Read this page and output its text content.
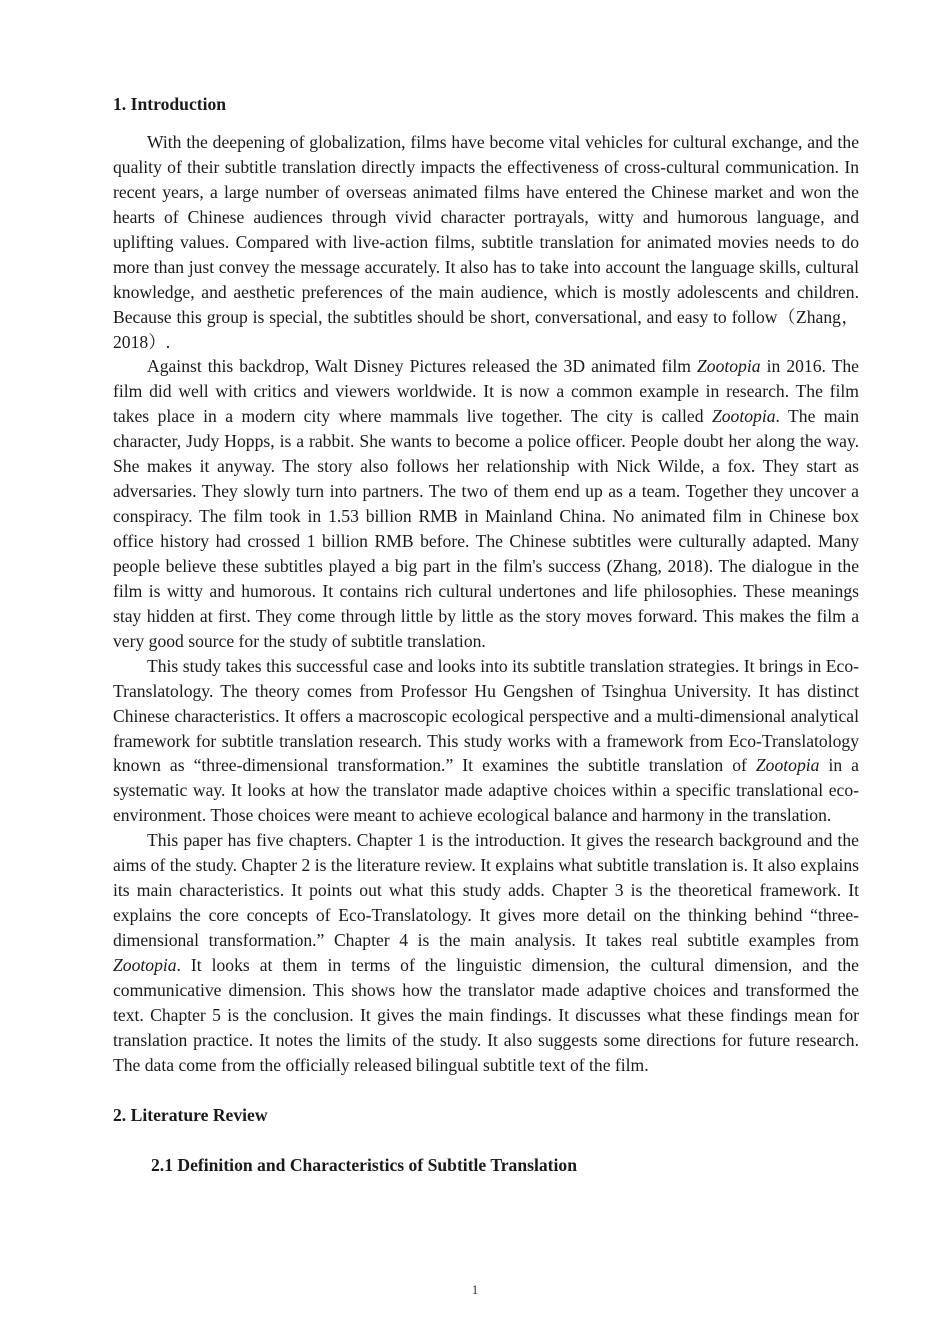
1. Introduction

With the deepening of globalization, films have become vital vehicles for cultural exchange, and the quality of their subtitle translation directly impacts the effectiveness of cross-cultural communication. In recent years, a large number of overseas animated films have entered the Chinese market and won the hearts of Chinese audiences through vivid character portrayals, witty and humorous language, and uplifting values. Compared with live-action films, subtitle translation for animated movies needs to do more than just convey the message accurately. It also has to take into account the language skills, cultural knowledge, and aesthetic preferences of the main audience, which is mostly adolescents and children. Because this group is special, the subtitles should be short, conversational, and easy to follow（Zhang，2018）.

Against this backdrop, Walt Disney Pictures released the 3D animated film Zootopia in 2016. The film did well with critics and viewers worldwide. It is now a common example in research. The film takes place in a modern city where mammals live together. The city is called Zootopia. The main character, Judy Hopps, is a rabbit. She wants to become a police officer. People doubt her along the way. She makes it anyway. The story also follows her relationship with Nick Wilde, a fox. They start as adversaries. They slowly turn into partners. The two of them end up as a team. Together they uncover a conspiracy. The film took in 1.53 billion RMB in Mainland China. No animated film in Chinese box office history had crossed 1 billion RMB before. The Chinese subtitles were culturally adapted. Many people believe these subtitles played a big part in the film's success (Zhang, 2018). The dialogue in the film is witty and humorous. It contains rich cultural undertones and life philosophies. These meanings stay hidden at first. They come through little by little as the story moves forward. This makes the film a very good source for the study of subtitle translation.

This study takes this successful case and looks into its subtitle translation strategies. It brings in Eco-Translatology. The theory comes from Professor Hu Gengshen of Tsinghua University. It has distinct Chinese characteristics. It offers a macroscopic ecological perspective and a multi-dimensional analytical framework for subtitle translation research. This study works with a framework from Eco-Translatology known as “three-dimensional transformation.” It examines the subtitle translation of Zootopia in a systematic way. It looks at how the translator made adaptive choices within a specific translational eco-environment. Those choices were meant to achieve ecological balance and harmony in the translation.

This paper has five chapters. Chapter 1 is the introduction. It gives the research background and the aims of the study. Chapter 2 is the literature review. It explains what subtitle translation is. It also explains its main characteristics. It points out what this study adds. Chapter 3 is the theoretical framework. It explains the core concepts of Eco-Translatology. It gives more detail on the thinking behind “three-dimensional transformation.” Chapter 4 is the main analysis. It takes real subtitle examples from Zootopia. It looks at them in terms of the linguistic dimension, the cultural dimension, and the communicative dimension. This shows how the translator made adaptive choices and transformed the text. Chapter 5 is the conclusion. It gives the main findings. It discusses what these findings mean for translation practice. It notes the limits of the study. It also suggests some directions for future research. The data come from the officially released bilingual subtitle text of the film.

2. Literature Review
2.1 Definition and Characteristics of Subtitle Translation
1
